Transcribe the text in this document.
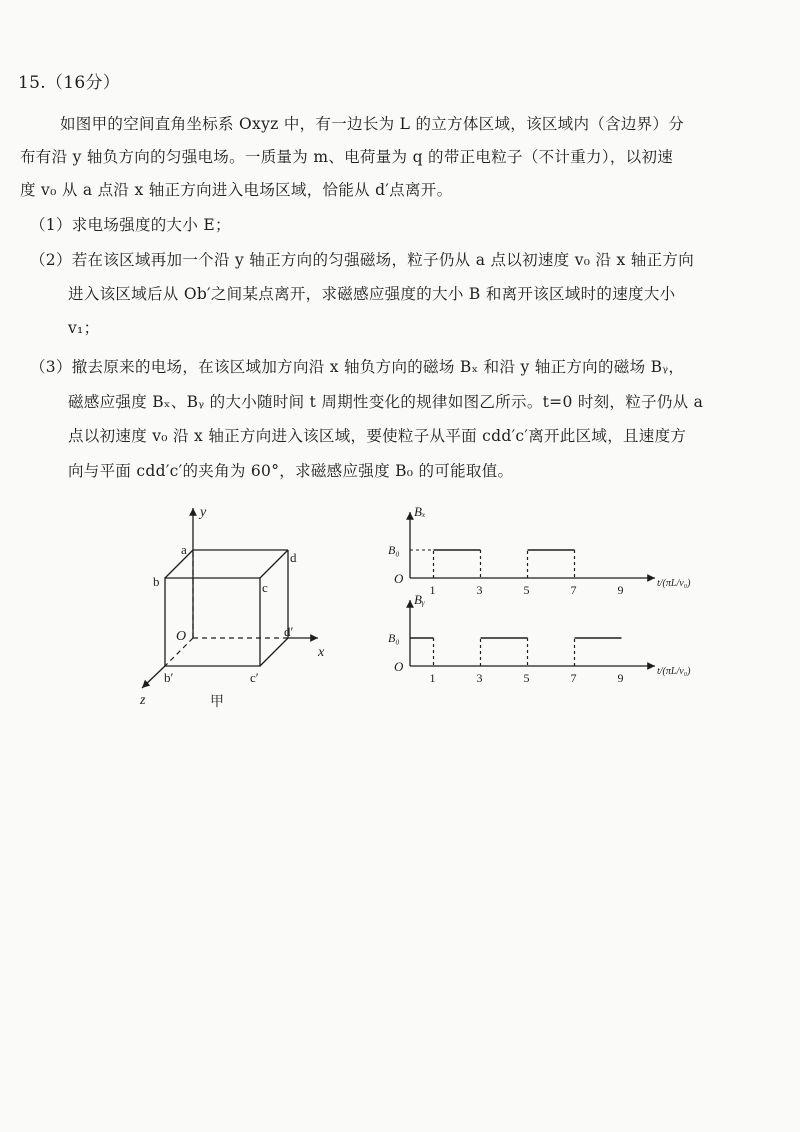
15.（16分）
如图甲的空间直角坐标系 Oxyz 中，有一边长为 L 的立方体区域，该区域内（含边界）分
布有沿 y 轴负方向的匀强电场。一质量为 m、电荷量为 q 的带正电粒子（不计重力），以初速
度 v₀ 从 a 点沿 x 轴正方向进入电场区域，恰能从 d′点离开。
（1）求电场强度的大小 E；
（2）若在该区域再加一个沿 y 轴正方向的匀强磁场，粒子仍从 a 点以初速度 v₀ 沿 x 轴正方向
进入该区域后从 Ob′之间某点离开，求磁感应强度的大小 B 和离开该区域时的速度大小
v₁；
（3）撤去原来的电场，在该区域加方向沿 x 轴负方向的磁场 Bₓ 和沿 y 轴正方向的磁场 Bᵧ，
磁感应强度 Bₓ、Bᵧ 的大小随时间 t 周期性变化的规律如图乙所示。t=0 时刻，粒子仍从 a
点以初速度 v₀ 沿 x 轴正方向进入该区域，要使粒子从平面 cdd′c′离开此区域，且速度方
向与平面 cdd′c′的夹角为 60°，求磁感应强度 B₀ 的可能取值。
y
x
z
O
a
b	c
d
b′	c′
d′
甲
Bₓ
O
B₀
1	3	5	7	9	t/(πL/v₀)
Bᵧ
O
B₀
1	3	5	7	9	t/(πL/v₀)
